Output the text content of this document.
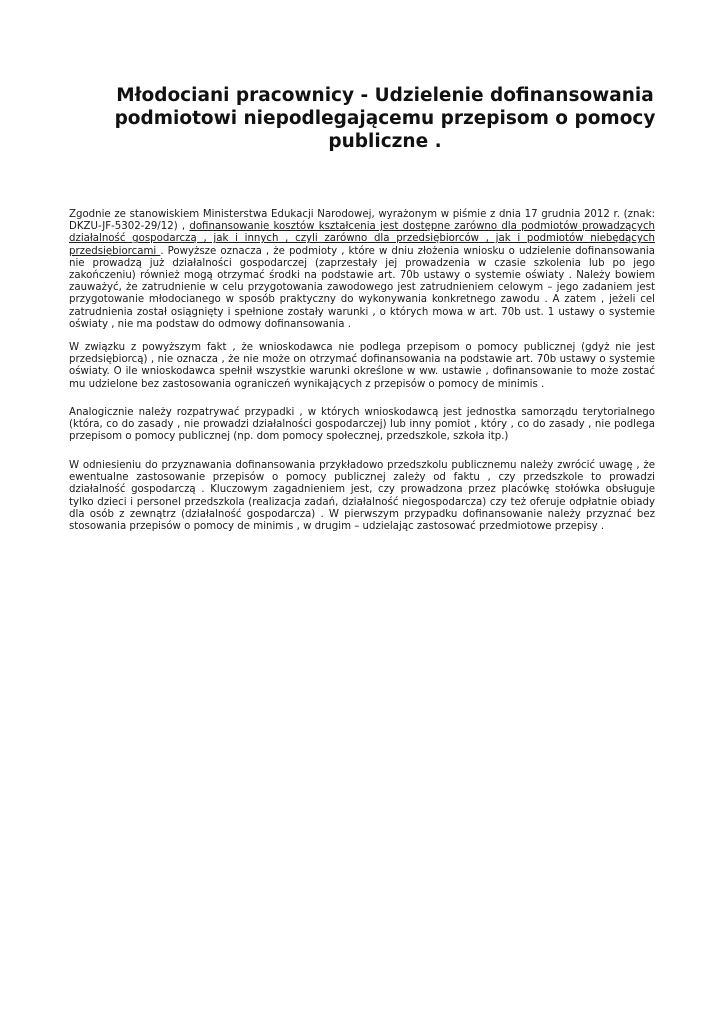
Młodociani pracownicy - Udzielenie dofinansowania podmiotowi niepodlegającemu przepisom o pomocy publiczne .

Zgodnie ze stanowiskiem Ministerstwa Edukacji Narodowej, wyrażonym w piśmie z dnia 17 grudnia 2012 r. (znak: DKZU-JF-5302-29/12) , dofinansowanie kosztów kształcenia jest dostępne zarówno dla podmiotów prowadzących działalność gospodarczą , jak i innych , czyli zarówno dla przedsiębiorców , jak i podmiotów niebędących przedsiębiorcami . Powyższe oznacza , że podmioty , które w dniu złożenia wniosku o udzielenie dofinansowania nie prowadzą już działalności gospodarczej (zaprzestały jej prowadzenia w czasie szkolenia lub po jego zakończeniu) również mogą otrzymać środki na podstawie art. 70b ustawy o systemie oświaty . Należy bowiem zauważyć, że zatrudnienie w celu przygotowania zawodowego jest zatrudnieniem celowym – jego zadaniem jest przygotowanie młodocianego w sposób praktyczny do wykonywania konkretnego zawodu . A zatem , jeżeli cel zatrudnienia został osiągnięty i spełnione zostały warunki , o których mowa w art. 70b ust. 1 ustawy o systemie oświaty , nie ma podstaw do odmowy dofinansowania .

W związku z powyższym fakt , że wnioskodawca nie podlega przepisom o pomocy publicznej (gdyż nie jest przedsiębiorcą) , nie oznacza , że nie może on otrzymać dofinansowania na podstawie art. 70b ustawy o systemie oświaty. O ile wnioskodawca spełnił wszystkie warunki określone w ww. ustawie , dofinansowanie to może zostać mu udzielone bez zastosowania ograniczeń wynikających z przepisów o pomocy de minimis .

Analogicznie należy rozpatrywać przypadki , w których wnioskodawcą jest jednostka samorządu terytorialnego (która, co do zasady , nie prowadzi działalności gospodarczej) lub inny pomiot , który , co do zasady , nie podlega przepisom o pomocy publicznej (np. dom pomocy społecznej, przedszkole, szkoła itp.)

W odniesieniu do przyznawania dofinansowania przykładowo przedszkolu publicznemu należy zwrócić uwagę , że ewentualne zastosowanie przepisów o pomocy publicznej zależy od faktu , czy przedszkole to prowadzi działalność gospodarczą . Kluczowym zagadnieniem jest, czy prowadzona przez placówkę stołówka obsługuje tylko dzieci i personel przedszkola (realizacja zadań, działalność niegospodarcza) czy też oferuje odpłatnie obiady dla osób z zewnątrz (działalność gospodarcza) . W pierwszym przypadku dofinansowanie należy przyznać bez stosowania przepisów o pomocy de minimis , w drugim – udzielając zastosować przedmiotowe przepisy .
